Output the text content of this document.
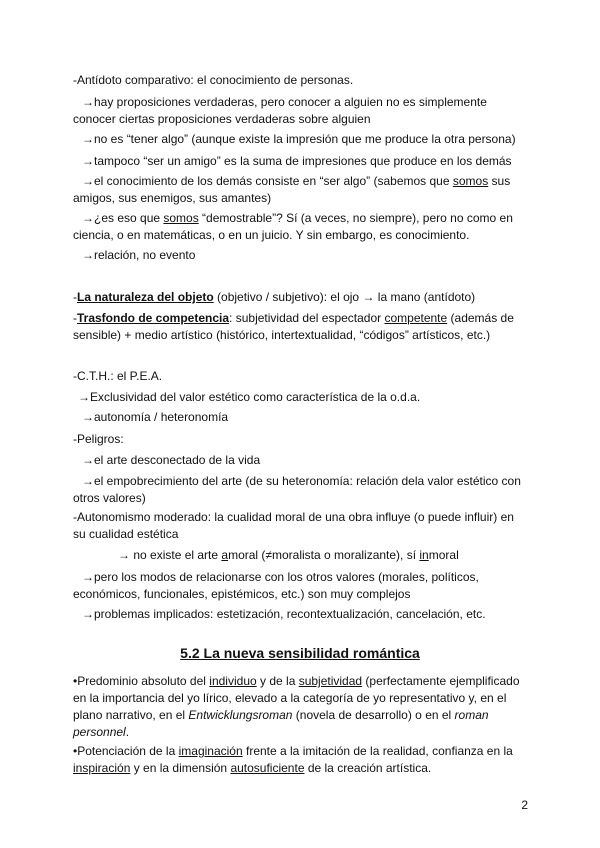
-Antídoto comparativo: el conocimiento de personas.
→hay proposiciones verdaderas, pero conocer a alguien no es simplemente
conocer ciertas proposiciones verdaderas sobre alguien
→no es “tener algo” (aunque existe la impresión que me produce la otra persona)
→tampoco “ser un amigo” es la suma de impresiones que produce en los demás
→el conocimiento de los demás consiste en “ser algo” (sabemos que somos sus
amigos, sus enemigos, sus amantes)
→¿es eso que somos “demostrable”? Sí (a veces, no siempre), pero no como en
ciencia, o en matemáticas, o en un juicio. Y sin embargo, es conocimiento.
→relación, no evento
-La naturaleza del objeto (objetivo / subjetivo): el ojo → la mano (antídoto)
-Trasfondo de competencia: subjetividad del espectador competente (además de
sensible) + medio artístico (histórico, intertextualidad, “códigos” artísticos, etc.)
-C.T.H.: el P.E.A.
→Exclusividad del valor estético como característica de la o.d.a.
→autonomía / heteronomía
-Peligros:
→el arte desconectado de la vida
→el empobrecimiento del arte (de su heteronomía: relación dela valor estético con
otros valores)
-Autonomismo moderado: la cualidad moral de una obra influye (o puede influir) en
su cualidad estética
→ no existe el arte amoral (≠moralista o moralizante), sí inmoral
→pero los modos de relacionarse con los otros valores (morales, políticos,
económicos, funcionales, epistémicos, etc.) son muy complejos
→problemas implicados: estetización, recontextualización, cancelación, etc.
5.2 La nueva sensibilidad romántica
•Predominio absoluto del individuo y de la subjetividad (perfectamente ejemplificado
en la importancia del yo lírico, elevado a la categoría de yo representativo y, en el
plano narrativo, en el Entwicklungsroman (novela de desarrollo) o en el roman
personnel.
•Potenciación de la imaginación frente a la imitación de la realidad, confianza en la
inspiración y en la dimensión autosuficiente de la creación artística.
2
